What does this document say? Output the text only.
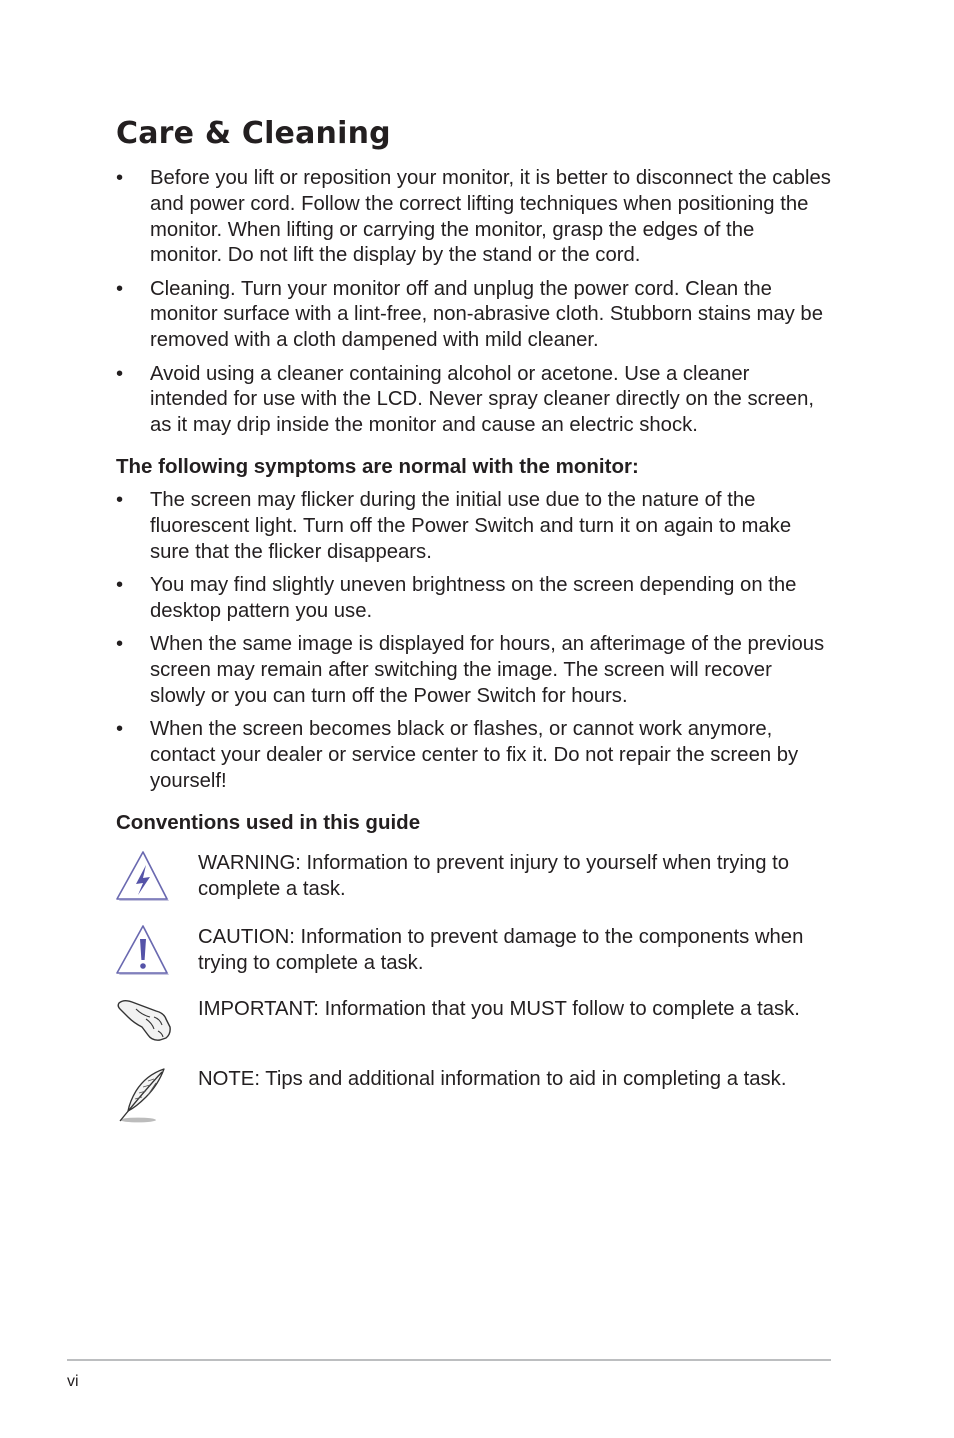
Care & Cleaning
• Before you lift or reposition your monitor, it is better to disconnect the cables and power cord. Follow the correct lifting techniques when positioning the monitor. When lifting or carrying the monitor, grasp the edges of the monitor. Do not lift the display by the stand or the cord.
• Cleaning. Turn your monitor off and unplug the power cord. Clean the monitor surface with a lint-free, non-abrasive cloth. Stubborn stains may be removed with a cloth dampened with mild cleaner.
• Avoid using a cleaner containing alcohol or acetone. Use a cleaner intended for use with the LCD. Never spray cleaner directly on the screen, as it may drip inside the monitor and cause an electric shock.
The following symptoms are normal with the monitor:
• The screen may flicker during the initial use due to the nature of the fluorescent light. Turn off the Power Switch and turn it on again to make sure that the flicker disappears.
• You may find slightly uneven brightness on the screen depending on the desktop pattern you use.
• When the same image is displayed for hours, an afterimage of the previous screen may remain after switching the image. The screen will recover slowly or you can turn off the Power Switch for hours.
• When the screen becomes black or flashes, or cannot work anymore, contact your dealer or service center to fix it. Do not repair the screen by yourself!
Conventions used in this guide
WARNING: Information to prevent injury to yourself when trying to complete a task.
CAUTION: Information to prevent damage to the components when trying to complete a task.
IMPORTANT: Information that you MUST follow to complete a task.
NOTE: Tips and additional information to aid in completing a task.
vi
